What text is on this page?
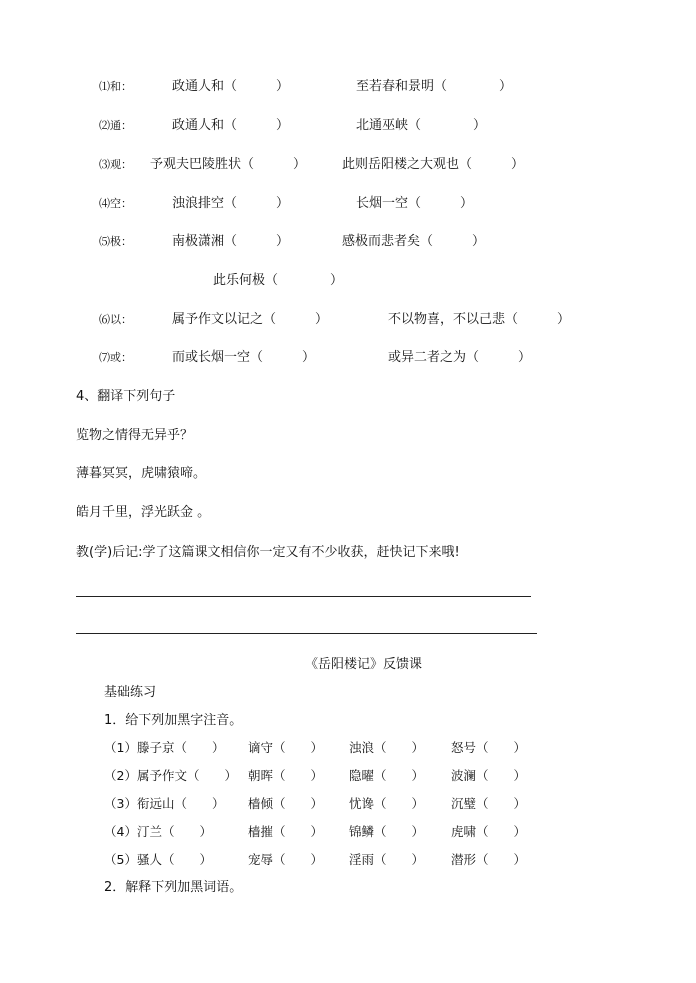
⑴和：	政通人和（　　　）	至若春和景明（　　　　）
⑵通：	政通人和（　　　）	北通巫峡（　　　　）
⑶观： 予观夫巴陵胜状（　　　）	此则岳阳楼之大观也（　　　）
⑷空：	浊浪排空（　　　）	长烟一空（　　　）
⑸极：	南极潇湘（　　　）	感极而悲者矣（　　　）
此乐何极（　　　　）
⑹以：	属予作文以记之（　　　）	不以物喜，不以己悲（　　　）
⑺或：	而或长烟一空（　　　）	或异二者之为（　　　）
4、翻译下列句子
览物之情得无异乎？
薄暮冥冥，虎啸猿啼。
皓月千里，浮光跃金 。
教(学)后记:学了这篇课文相信你一定又有不少收获，赶快记下来哦!
《岳阳楼记》反馈课
基础练习
1．给下列加黑字注音。
（1）滕子京（　　） 谪守（　　） 浊浪（　　） 怒号（　　）
（2）属予作文（　　） 朝晖（　　） 隐曜（　　） 波澜（　　）
（3）衔远山（　　） 樯倾（　　） 忧谗（　　） 沉璧（　　）
（4）汀兰（　　）	樯摧（　　） 锦鳞（　　） 虎啸（　　）
（5）骚人（　　）	宠辱（　　） 淫雨（　　） 潜形（　　）
2．解释下列加黑词语。
